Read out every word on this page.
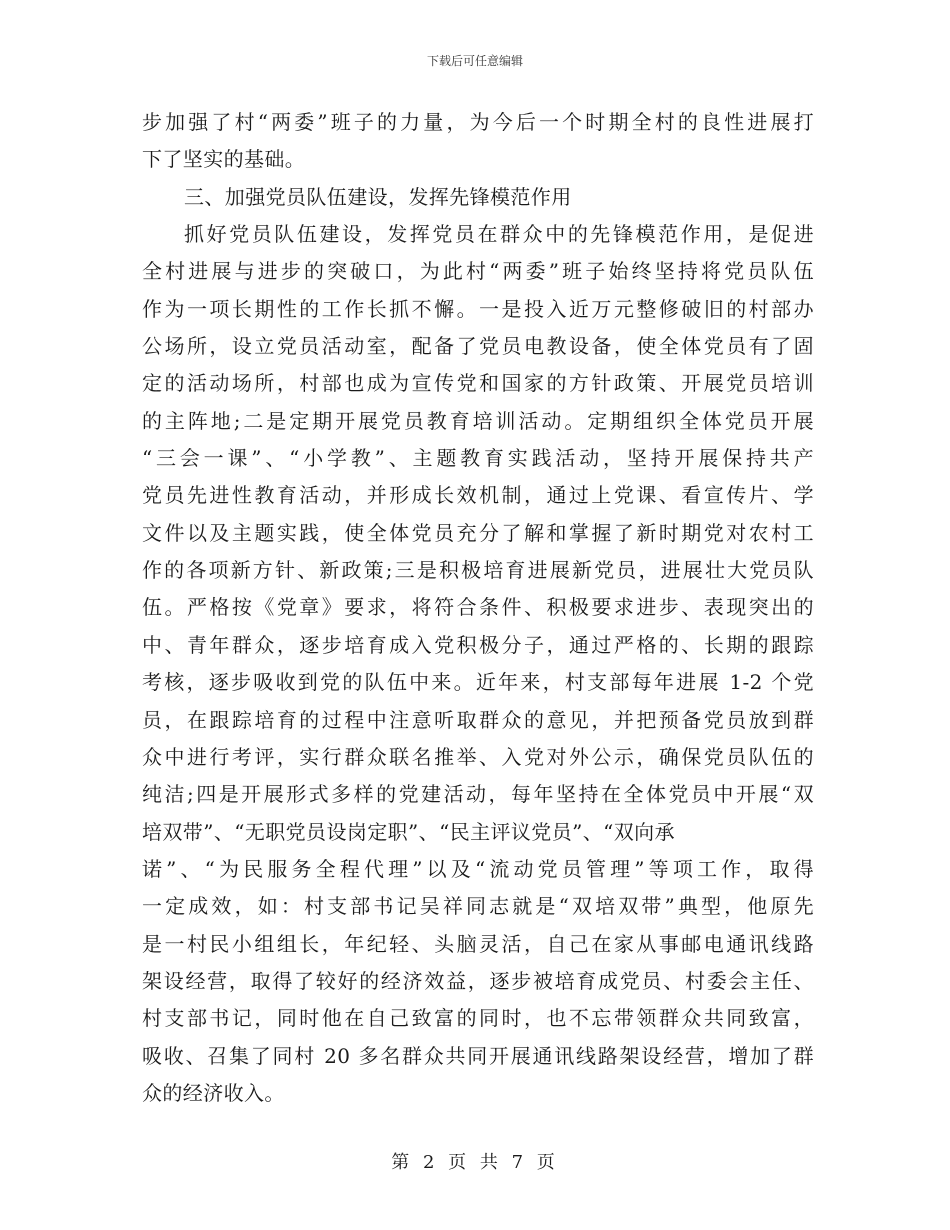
下载后可任意编辑
步加强了村“两委”班子的力量，为今后一个时期全村的良性进展打
下了坚实的基础。
三、加强党员队伍建设，发挥先锋模范作用
抓好党员队伍建设，发挥党员在群众中的先锋模范作用，是促进
全村进展与进步的突破口，为此村“两委”班子始终坚持将党员队伍
作为一项长期性的工作长抓不懈。一是投入近万元整修破旧的村部办
公场所，设立党员活动室，配备了党员电教设备，使全体党员有了固
定的活动场所，村部也成为宣传党和国家的方针政策、开展党员培训
的主阵地;二是定期开展党员教育培训活动。定期组织全体党员开展
“三会一课”、“小学教”、主题教育实践活动，坚持开展保持共产
党员先进性教育活动，并形成长效机制，通过上党课、看宣传片、学
文件以及主题实践，使全体党员充分了解和掌握了新时期党对农村工
作的各项新方针、新政策;三是积极培育进展新党员，进展壮大党员队
伍。严格按《党章》要求，将符合条件、积极要求进步、表现突出的
中、青年群众，逐步培育成入党积极分子，通过严格的、长期的跟踪
考核，逐步吸收到党的队伍中来。近年来，村支部每年进展 1-2 个党
员，在跟踪培育的过程中注意听取群众的意见，并把预备党员放到群
众中进行考评，实行群众联名推举、入党对外公示，确保党员队伍的
纯洁;四是开展形式多样的党建活动，每年坚持在全体党员中开展“双
培双带”、“无职党员设岗定职”、“民主评议党员”、“双向承
诺”、“为民服务全程代理”以及“流动党员管理”等项工作，取得
一定成效，如：村支部书记吴祥同志就是“双培双带”典型，他原先
是一村民小组组长，年纪轻、头脑灵活，自己在家从事邮电通讯线路
架设经营，取得了较好的经济效益，逐步被培育成党员、村委会主任、
村支部书记，同时他在自己致富的同时，也不忘带领群众共同致富，
吸收、召集了同村 20 多名群众共同开展通讯线路架设经营，增加了群
众的经济收入。
第 2 页 共 7 页
